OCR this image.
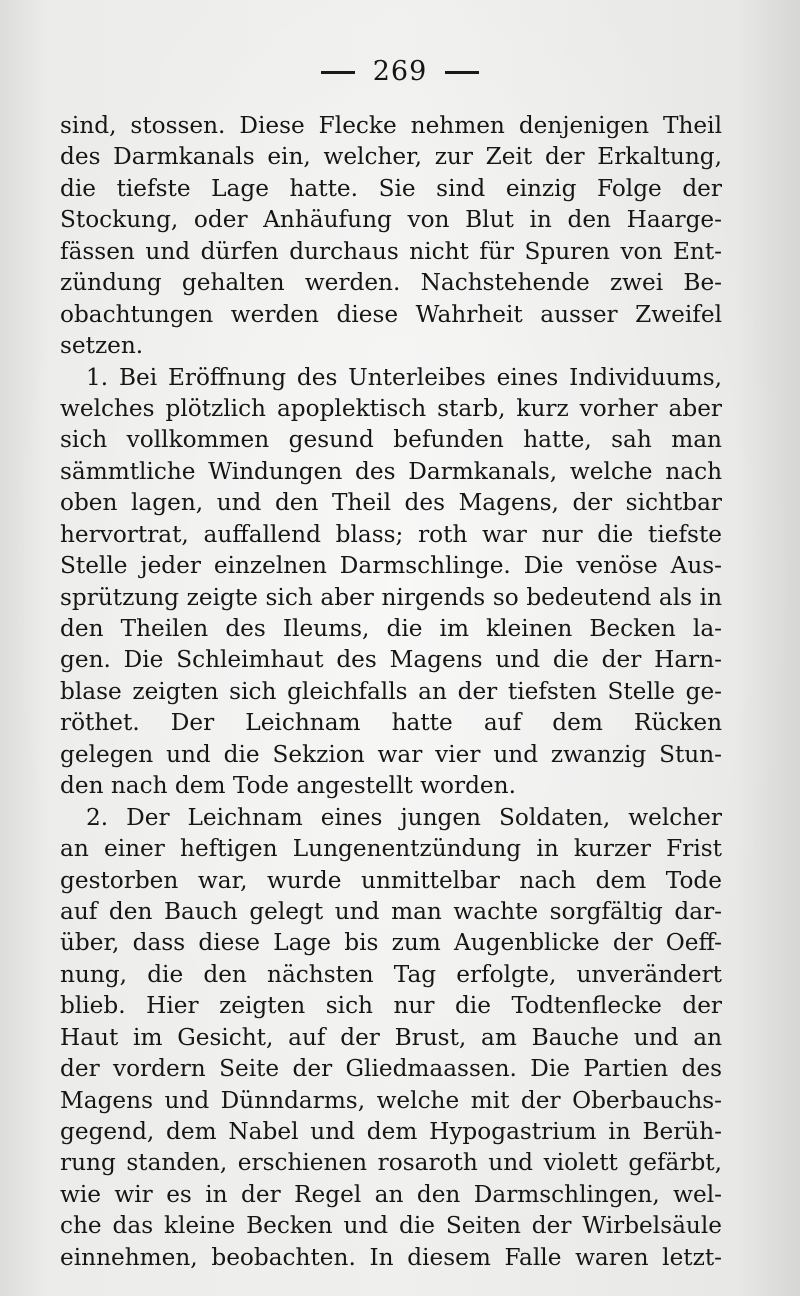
269
sind, stossen. Diese Flecke nehmen denjenigen Theil
des Darmkanals ein, welcher, zur Zeit der Erkaltung,
die tiefste Lage hatte. Sie sind einzig Folge der
Stockung, oder Anhäufung von Blut in den Haarge-
fässen und dürfen durchaus nicht für Spuren von Ent-
zündung gehalten werden. Nachstehende zwei Be-
obachtungen werden diese Wahrheit ausser Zweifel
setzen.
1. Bei Eröffnung des Unterleibes eines Individuums,
welches plötzlich apoplektisch starb, kurz vorher aber
sich vollkommen gesund befunden hatte, sah man
sämmtliche Windungen des Darmkanals, welche nach
oben lagen, und den Theil des Magens, der sichtbar
hervortrat, auffallend blass; roth war nur die tiefste
Stelle jeder einzelnen Darmschlinge. Die venöse Aus-
sprützung zeigte sich aber nirgends so bedeutend als in
den Theilen des Ileums, die im kleinen Becken la-
gen. Die Schleimhaut des Magens und die der Harn-
blase zeigten sich gleichfalls an der tiefsten Stelle ge-
röthet. Der Leichnam hatte auf dem Rücken
gelegen und die Sekzion war vier und zwanzig Stun-
den nach dem Tode angestellt worden.
2. Der Leichnam eines jungen Soldaten, welcher
an einer heftigen Lungenentzündung in kurzer Frist
gestorben war, wurde unmittelbar nach dem Tode
auf den Bauch gelegt und man wachte sorgfältig dar-
über, dass diese Lage bis zum Augenblicke der Oeff-
nung, die den nächsten Tag erfolgte, unverändert
blieb. Hier zeigten sich nur die Todtenflecke der
Haut im Gesicht, auf der Brust, am Bauche und an
der vordern Seite der Gliedmaassen. Die Partien des
Magens und Dünndarms, welche mit der Oberbauchs-
gegend, dem Nabel und dem Hypogastrium in Berüh-
rung standen, erschienen rosaroth und violett gefärbt,
wie wir es in der Regel an den Darmschlingen, wel-
che das kleine Becken und die Seiten der Wirbelsäule
einnehmen, beobachten. In diesem Falle waren letzt-
